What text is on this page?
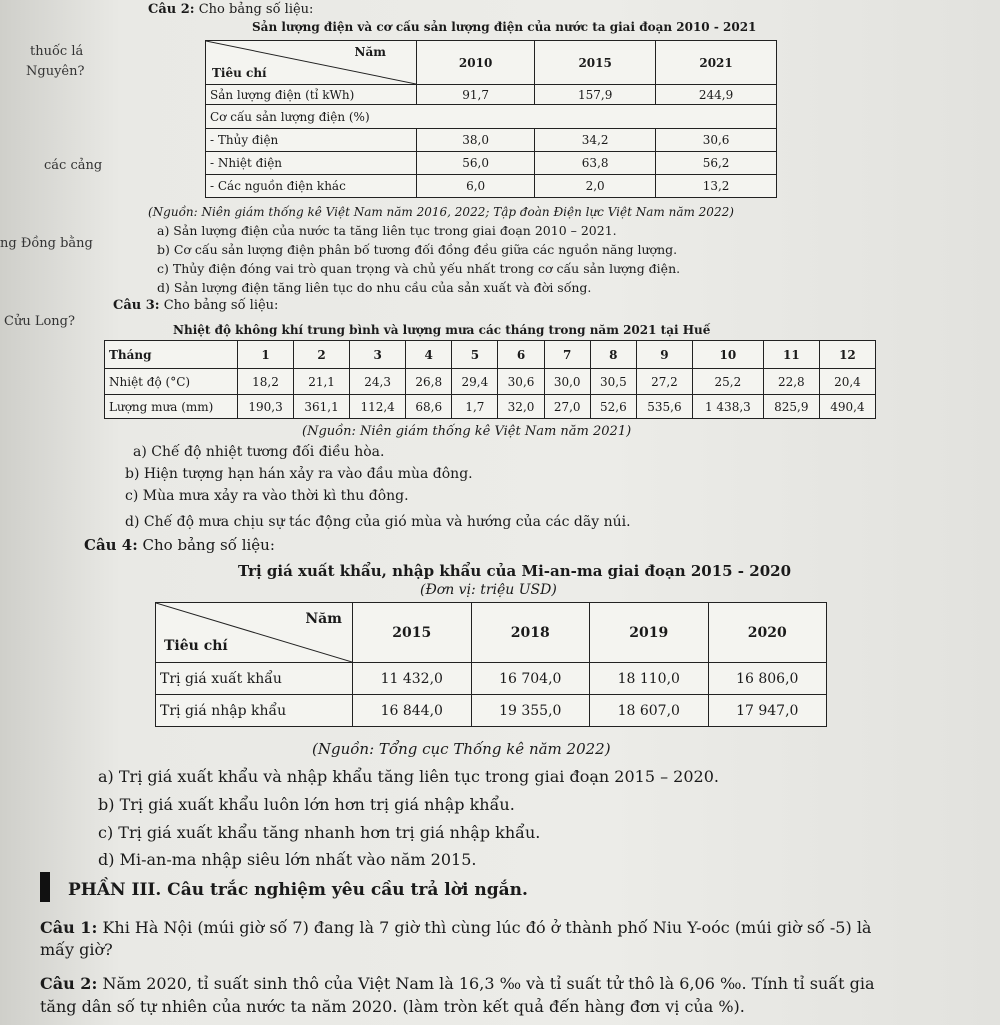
thuốc lá
Nguyên?
các cảng
ng Đồng bằng
Cửu Long?
Câu 2: Cho bảng số liệu:
Sản lượng điện và cơ cấu sản lượng điện của nước ta giai đoạn 2010 - 2021
Năm
Tiêu chí	2010	2015	2021
Sản lượng điện (tỉ kWh)	91,7	157,9	244,9
Cơ cấu sản lượng điện (%)			
- Thủy điện	38,0	34,2	30,6
- Nhiệt điện	56,0	63,8	56,2
- Các nguồn điện khác	6,0	2,0	13,2
(Nguồn: Niên giám thống kê Việt Nam năm 2016, 2022; Tập đoàn Điện lực Việt Nam năm 2022)
a) Sản lượng điện của nước ta tăng liên tục trong giai đoạn 2010 – 2021.
b) Cơ cấu sản lượng điện phân bố tương đối đồng đều giữa các nguồn năng lượng.
c) Thủy điện đóng vai trò quan trọng và chủ yếu nhất trong cơ cấu sản lượng điện.
d) Sản lượng điện tăng liên tục do nhu cầu của sản xuất và đời sống.
Câu 3: Cho bảng số liệu:
Nhiệt độ không khí trung bình và lượng mưa các tháng trong năm 2021 tại Huế
Tháng	1	2	3	4	5	6	7	8	9	10	11	12
Nhiệt độ (°C)	18,2	21,1	24,3	26,8	29,4	30,6	30,0	30,5	27,2	25,2	22,8	20,4
Lượng mưa (mm)	190,3	361,1	112,4	68,6	1,7	32,0	27,0	52,6	535,6	1 438,3	825,9	490,4
(Nguồn: Niên giám thống kê Việt Nam năm 2021)
a) Chế độ nhiệt tương đối điều hòa.
b) Hiện tượng hạn hán xảy ra vào đầu mùa đông.
c) Mùa mưa xảy ra vào thời kì thu đông.
d) Chế độ mưa chịu sự tác động của gió mùa và hướng của các dãy núi.
Câu 4: Cho bảng số liệu:
Trị giá xuất khẩu, nhập khẩu của Mi-an-ma giai đoạn 2015 - 2020
(Đơn vị: triệu USD)
Năm
Tiêu chí	2015	2018	2019	2020
Trị giá xuất khẩu	11 432,0	16 704,0	18 110,0	16 806,0
Trị giá nhập khẩu	16 844,0	19 355,0	18 607,0	17 947,0
(Nguồn: Tổng cục Thống kê năm 2022)
a) Trị giá xuất khẩu và nhập khẩu tăng liên tục trong giai đoạn 2015 – 2020.
b) Trị giá xuất khẩu luôn lớn hơn trị giá nhập khẩu.
c) Trị giá xuất khẩu tăng nhanh hơn trị giá nhập khẩu.
d) Mi-an-ma nhập siêu lớn nhất vào năm 2015.
PHẦN III. Câu trắc nghiệm yêu cầu trả lời ngắn.
Câu 1: Khi Hà Nội (múi giờ số 7) đang là 7 giờ thì cùng lúc đó ở thành phố Niu Y-oóc (múi giờ số -5) là
mấy giờ?
Câu 2: Năm 2020, tỉ suất sinh thô của Việt Nam là 16,3 ‰ và tỉ suất tử thô là 6,06 ‰. Tính tỉ suất gia
tăng dân số tự nhiên của nước ta năm 2020. (làm tròn kết quả đến hàng đơn vị của %).
